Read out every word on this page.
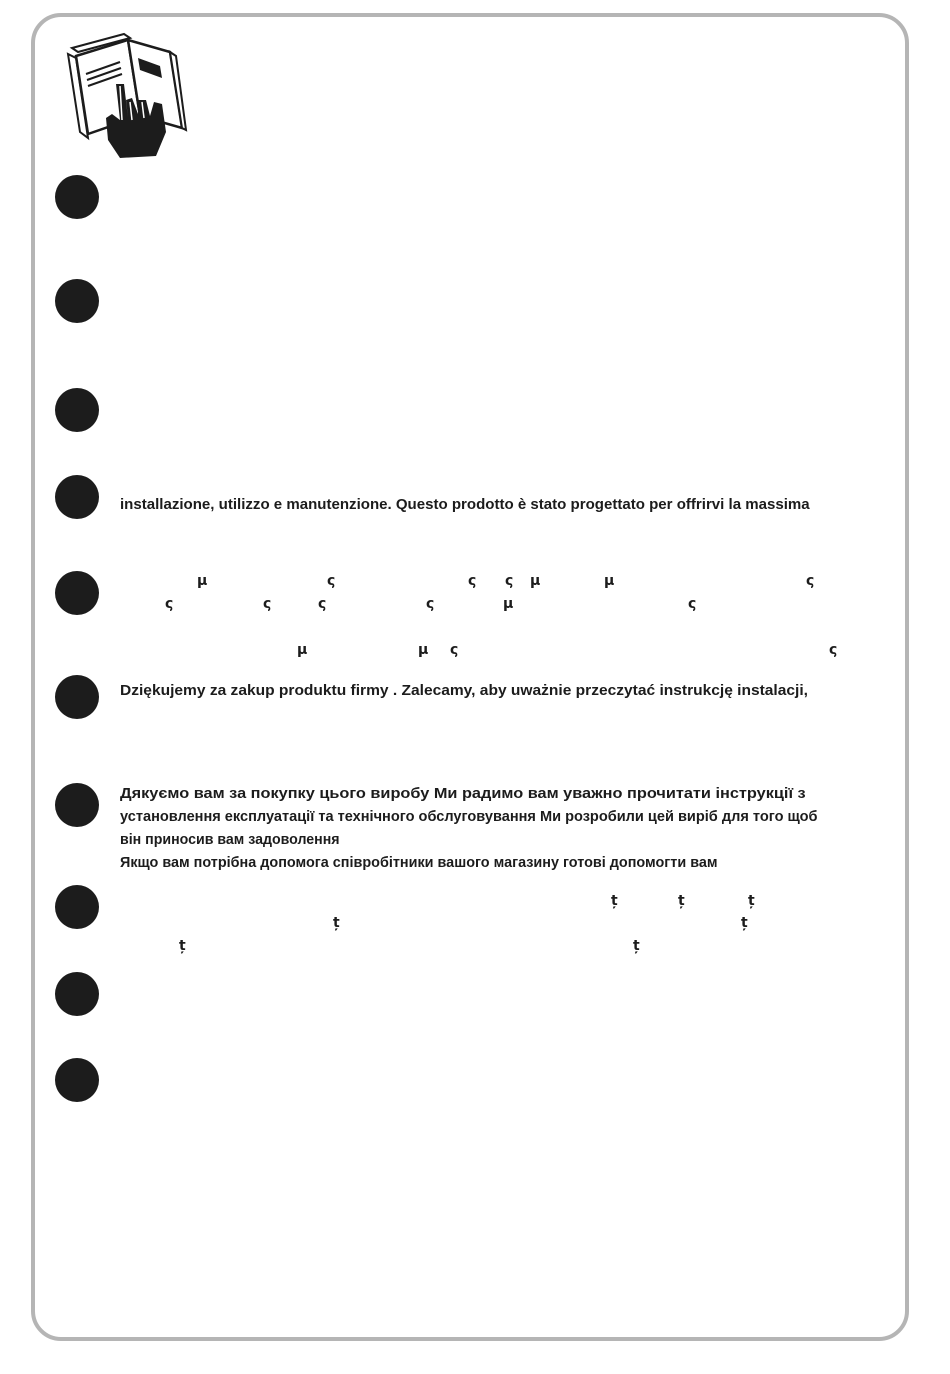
installazione, utilizzo e manutenzione. Questo prodotto è stato progettato per offrirvi la massima
μ	ς	ς ς μ	μ	ς
ς	ς	ς	ς	μ	ς
μ	μ ς	ς
Dziękujemy za zakup produktu firmy . Zalecamy, aby uważnie przeczytać instrukcję instalacji,
Дякуємо вам за покупку цього виробу Ми радимо вам уважно прочитати інструкції з
установлення експлуатації та технічного обслуговування Ми розробили цей виріб для того щоб
він приносив вам задоволення
Якщо вам потрібна допомога співробітники вашого магазину готові допомогти вам
ț	ț	ț
ț	ț
ț	ț
